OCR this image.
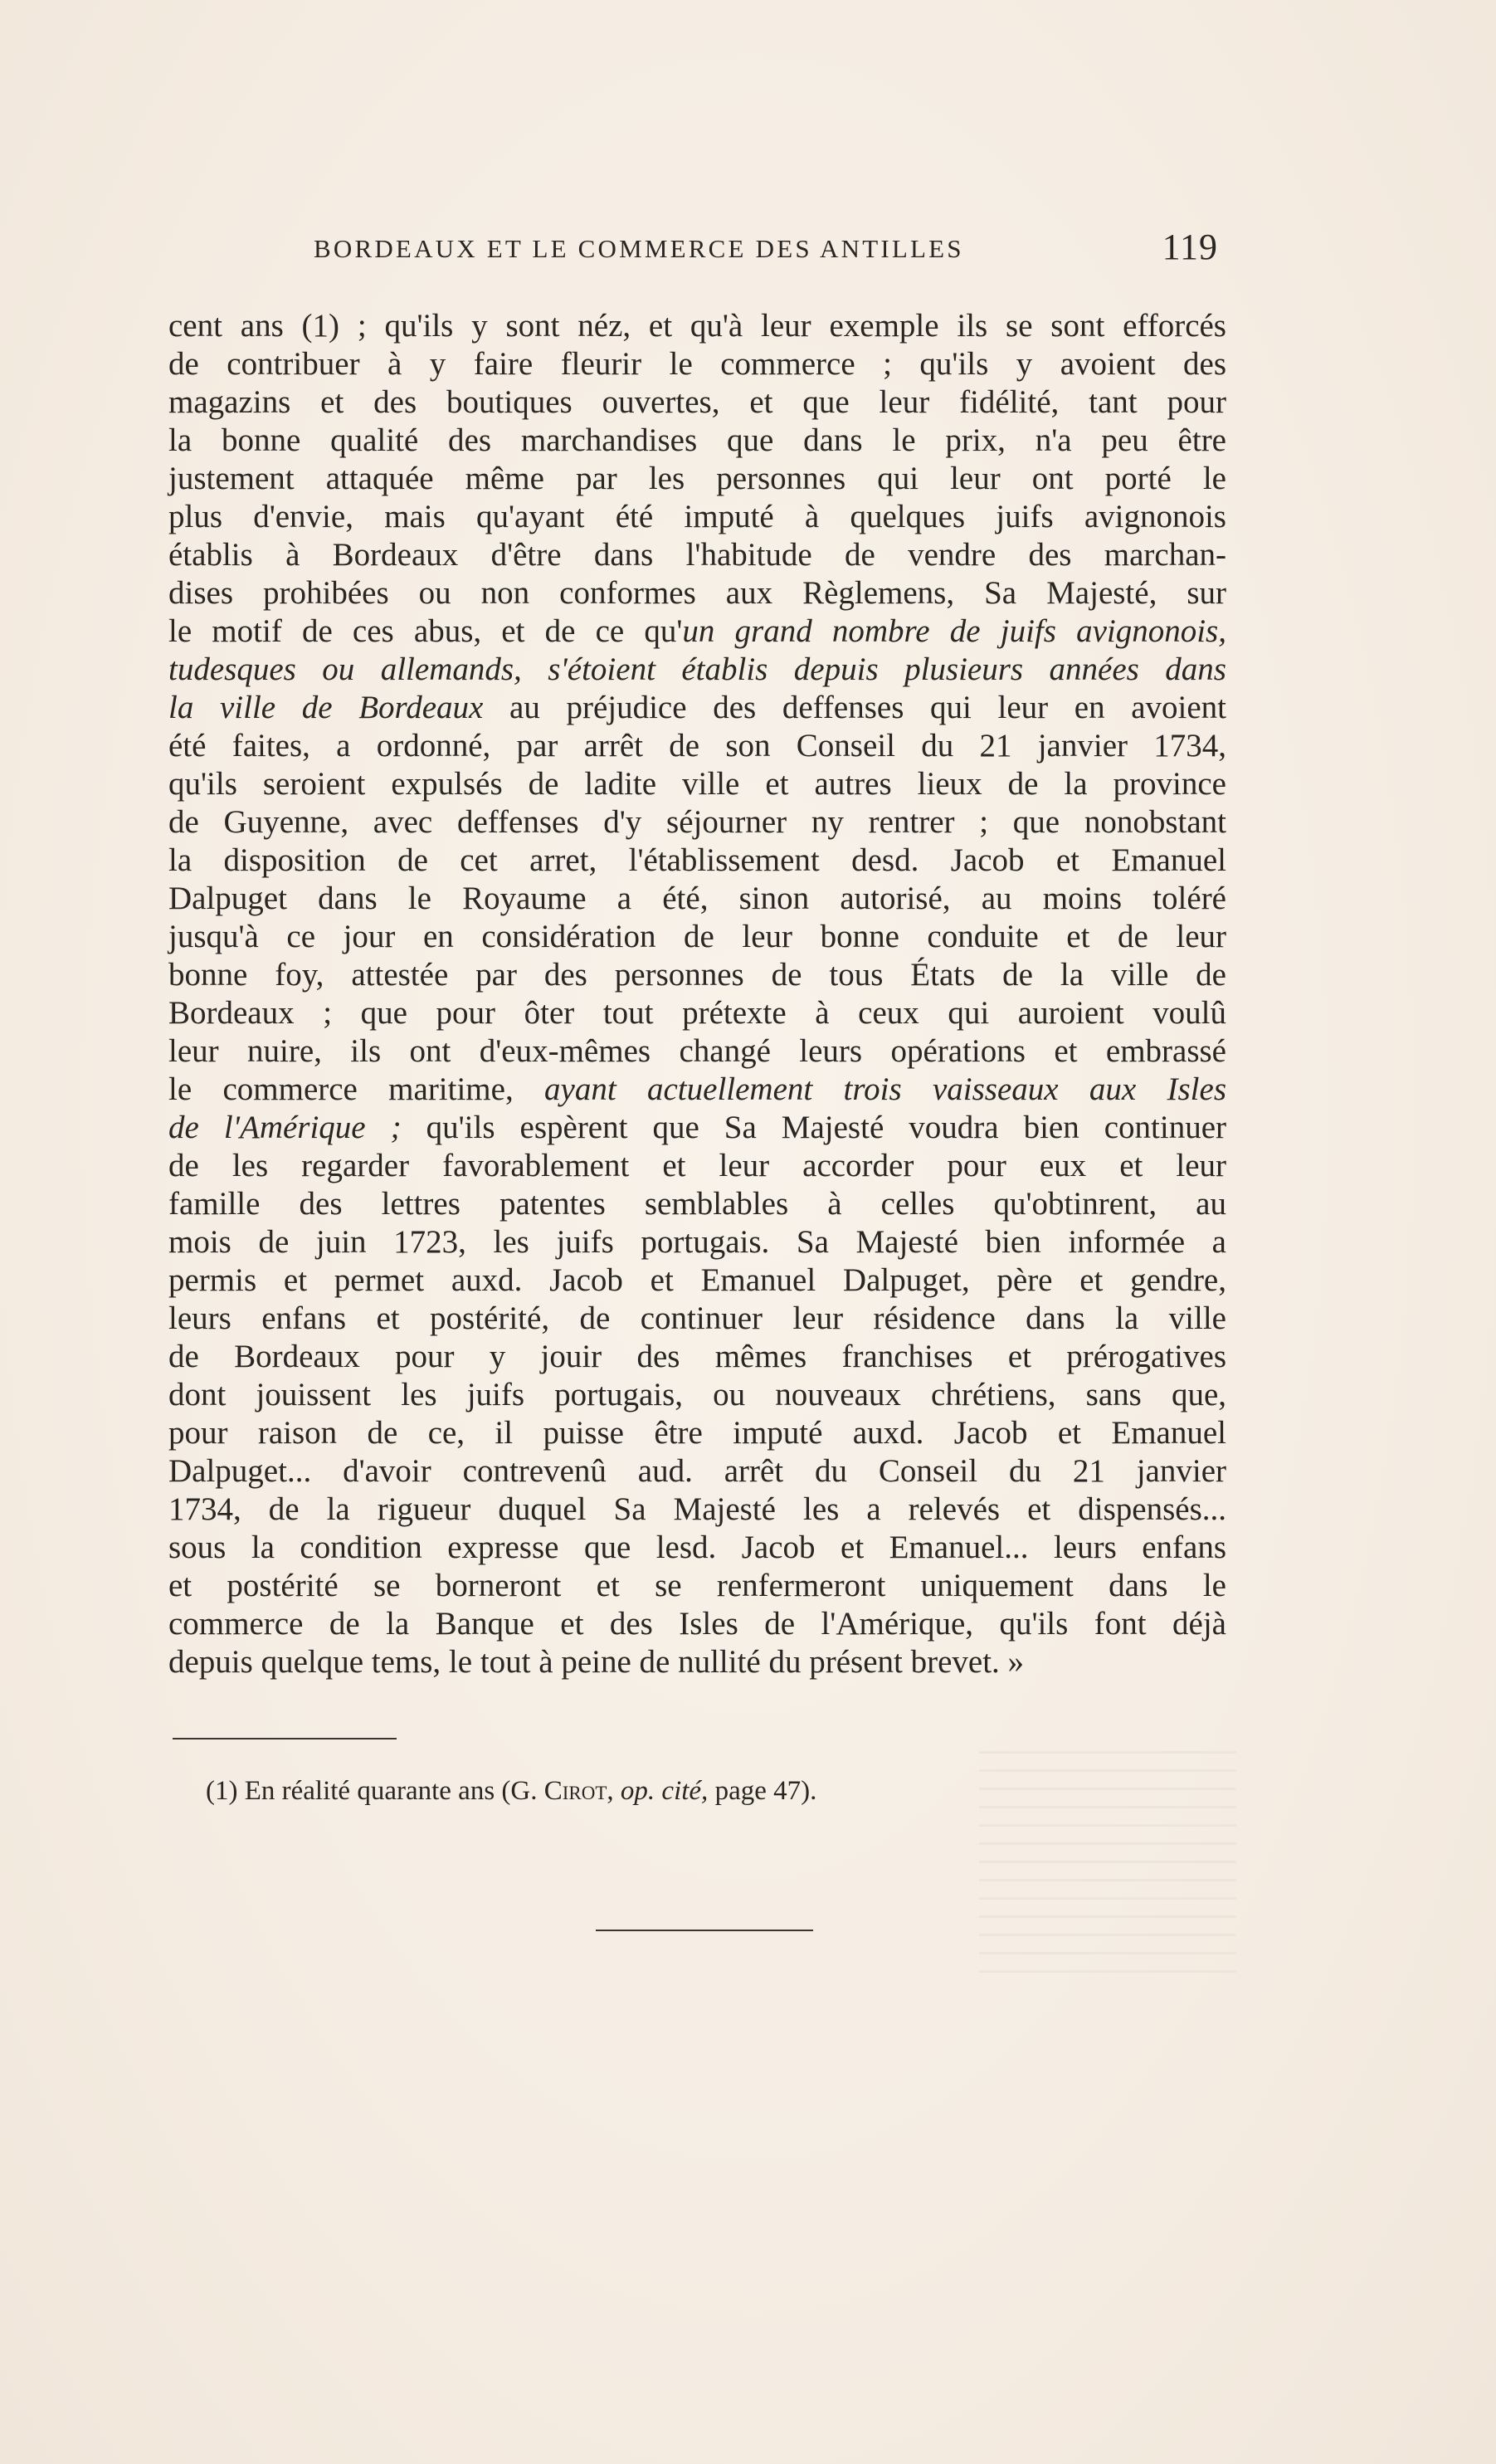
BORDEAUX ET LE COMMERCE DES ANTILLES	119
cent ans (1) ; qu'ils y sont néz, et qu'à leur exemple ils se sont efforcés
de contribuer à y faire fleurir le commerce ; qu'ils y avoient des
magazins et des boutiques ouvertes, et que leur fidélité, tant pour
la bonne qualité des marchandises que dans le prix, n'a peu être
justement attaquée même par les personnes qui leur ont porté le
plus d'envie, mais qu'ayant été imputé à quelques juifs avignonois
établis à Bordeaux d'être dans l'habitude de vendre des marchan-
dises prohibées ou non conformes aux Règlemens, Sa Majesté, sur
le motif de ces abus, et de ce qu'un grand nombre de juifs avignonois,
tudesques ou allemands, s'étoient établis depuis plusieurs années dans
la ville de Bordeaux au préjudice des deffenses qui leur en avoient
été faites, a ordonné, par arrêt de son Conseil du 21 janvier 1734,
qu'ils seroient expulsés de ladite ville et autres lieux de la province
de Guyenne, avec deffenses d'y séjourner ny rentrer ; que nonobstant
la disposition de cet arret, l'établissement desd. Jacob et Emanuel
Dalpuget dans le Royaume a été, sinon autorisé, au moins toléré
jusqu'à ce jour en considération de leur bonne conduite et de leur
bonne foy, attestée par des personnes de tous États de la ville de
Bordeaux ; que pour ôter tout prétexte à ceux qui auroient voulû
leur nuire, ils ont d'eux-mêmes changé leurs opérations et embrassé
le commerce maritime, ayant actuellement trois vaisseaux aux Isles
de l'Amérique ; qu'ils espèrent que Sa Majesté voudra bien continuer
de les regarder favorablement et leur accorder pour eux et leur
famille des lettres patentes semblables à celles qu'obtinrent, au
mois de juin 1723, les juifs portugais. Sa Majesté bien informée a
permis et permet auxd. Jacob et Emanuel Dalpuget, père et gendre,
leurs enfans et postérité, de continuer leur résidence dans la ville
de Bordeaux pour y jouir des mêmes franchises et prérogatives
dont jouissent les juifs portugais, ou nouveaux chrétiens, sans que,
pour raison de ce, il puisse être imputé auxd. Jacob et Emanuel
Dalpuget... d'avoir contrevenû aud. arrêt du Conseil du 21 janvier
1734, de la rigueur duquel Sa Majesté les a relevés et dispensés...
sous la condition expresse que lesd. Jacob et Emanuel... leurs enfans
et postérité se borneront et se renfermeront uniquement dans le
commerce de la Banque et des Isles de l'Amérique, qu'ils font déjà
depuis quelque tems, le tout à peine de nullité du présent brevet. »
(1) En réalité quarante ans (G. Cirot, op. cité, page 47).
